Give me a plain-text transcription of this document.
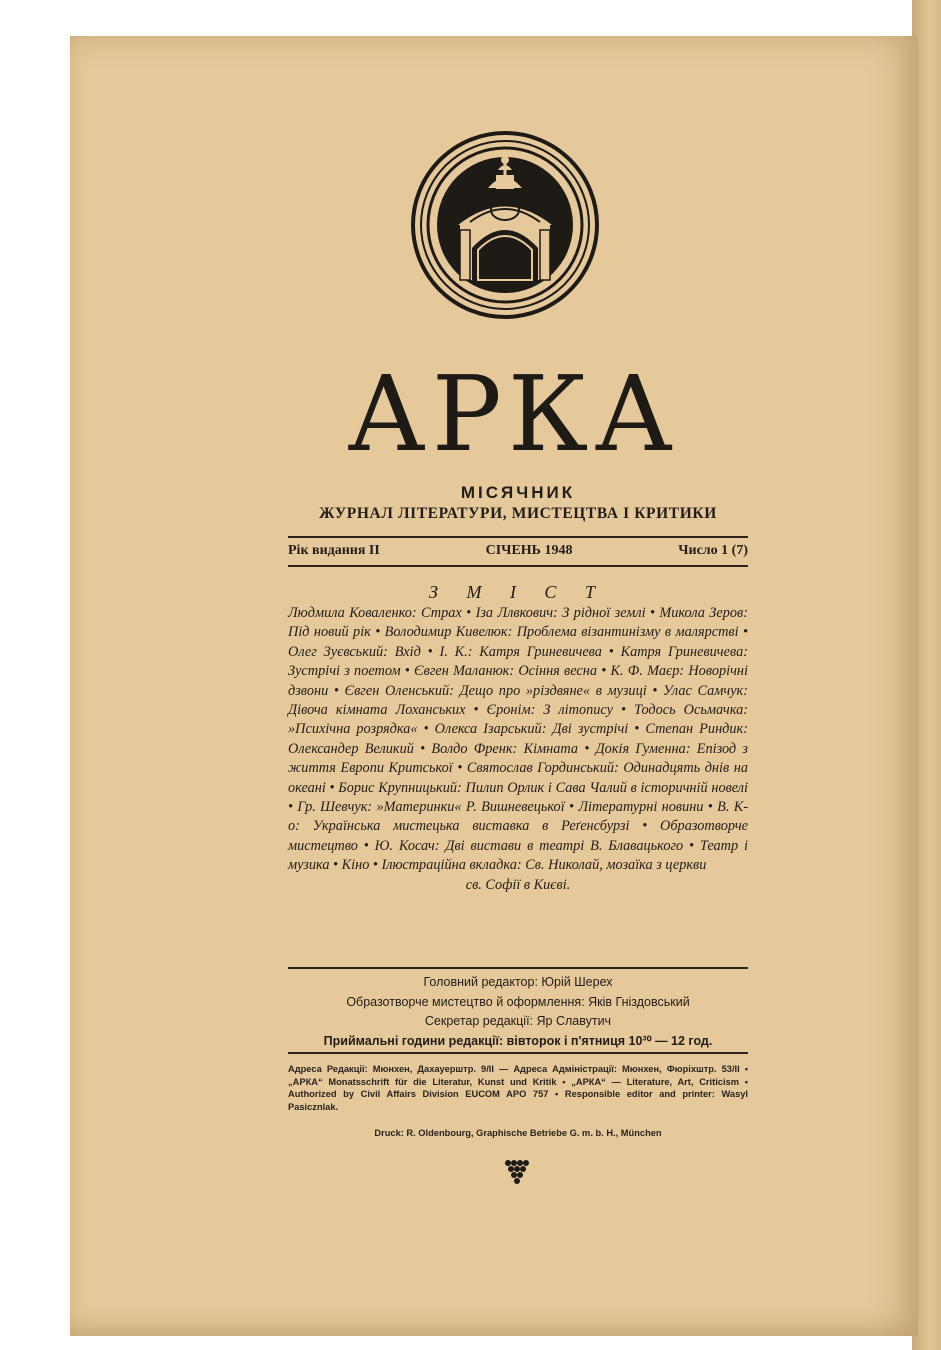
АРКА
МІСЯЧНИК
ЖУРНАЛ ЛІТЕРАТУРИ, МИСТЕЦТВА І КРИТИКИ
Рік видання II	СІЧЕНЬ 1948	Число 1 (7)
З М І С Т
Людмила Коваленко: Страх • Іза Ллвкович: З рідної землі • Микола Зеров: Під новий рік • Володимир Кивелюк: Проблема візантинізму в малярстві • Олег Зуєвський: Вхід • І. К.: Катря Гриневичева • Катря Гриневичева: Зустрічі з поетом • Євген Маланюк: Осіння весна • К. Ф. Маєр: Новорічні дзвони • Євген Оленський: Дещо про »різдвяне« в музиці • Улас Самчук: Дівоча кімната Лоханських • Єронім: З літопису • Тодось Осьмачка: »Психічна розрядка« • Олекса Ізарський: Дві зустрічі • Степан Риндик: Олександер Великий • Волдо Френк: Кімната • Докія Гуменна: Епізод з життя Европи Критської • Святослав Гординський: Одинадцять днів на океані • Борис Крупницький: Пилип Орлик і Сава Чалий в історичній новелі • Гр. Шевчук: »Материнки« Р. Вишневецької • Літературні новини • В. К-о: Українська мистецька виставка в Реґенсбурзі • Образотворче мистецтво • Ю. Косач: Дві вистави в театрі В. Блавацького • Театр і музика • Кіно • Ілюстраційна вкладка: Св. Николай, мозаїка з церкви
св. Софії в Києві.
Головний редактор: Юрій Шерех
Образотворче мистецтво й оформлення: Яків Гніздовський
Секретар редакції: Яр Славутич
Приймальні години редакції: вівторок і п'ятниця 10³⁰ — 12 год.
Адреса Редакції: Мюнхен, Дахауерштр. 9/II — Адреса Адміністрації: Мюнхен, Фюріхштр. 53/II • „АРКА“ Monatsschrift für die Literatur, Kunst und Kritik • „АРКА“ — Literature, Art, Criticism • Authorized by Civil Affairs Division EUCOM APO 757 • Responsible editor and printer: Wasyl Pasicznlak.
Druck: R. Oldenbourg, Graphische Betriebe G. m. b. H., München
